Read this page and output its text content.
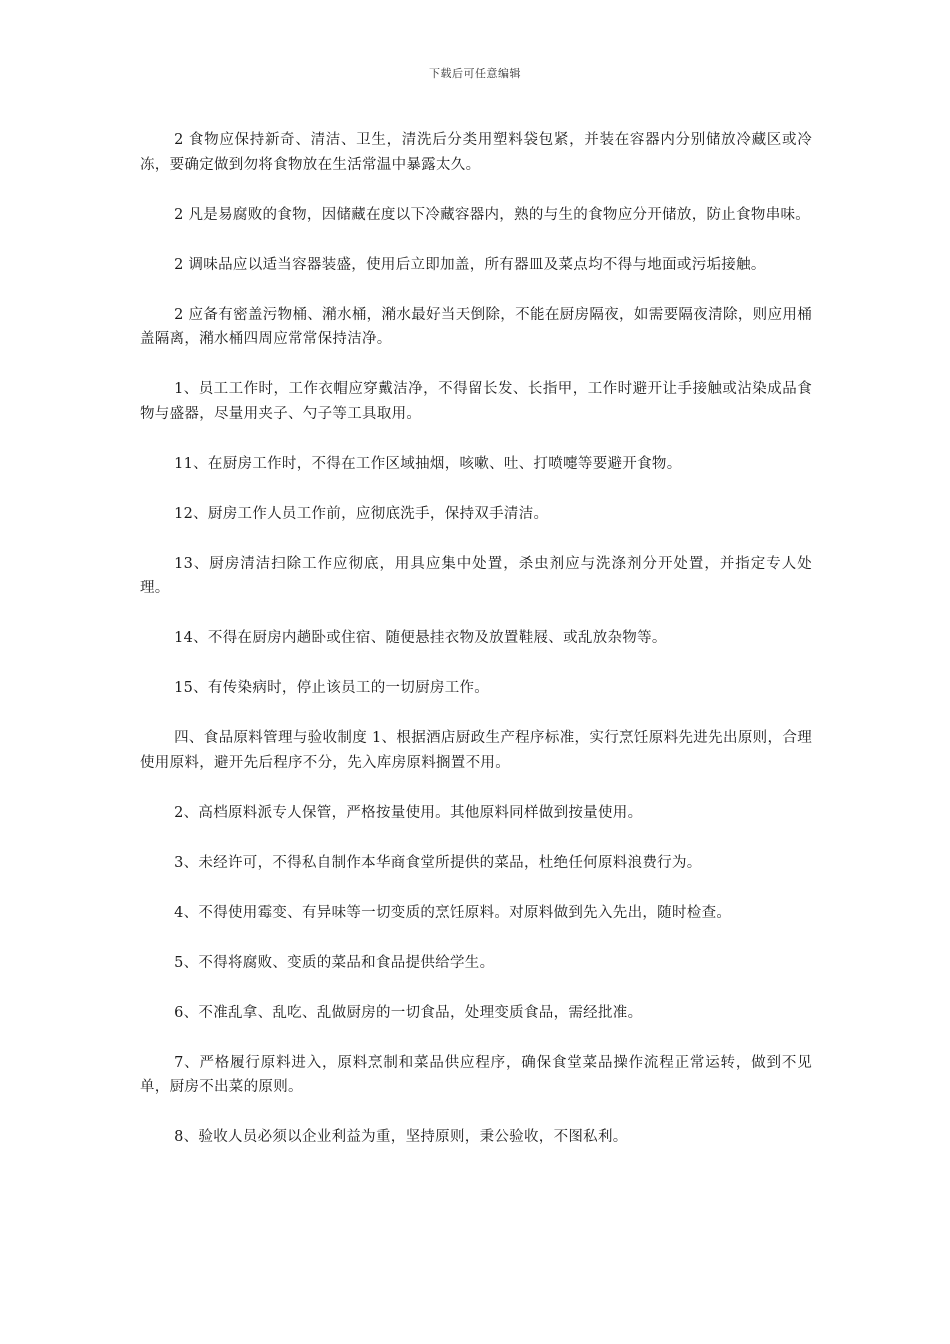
下载后可任意编辑

2 食物应保持新奇、清洁、卫生，清洗后分类用塑料袋包紧，并装在容器内分别储放冷藏区或冷冻，要确定做到勿将食物放在生活常温中暴露太久。

2 凡是易腐败的食物，因储藏在度以下冷藏容器内，熟的与生的食物应分开储放，防止食物串味。

2 调味品应以适当容器装盛，使用后立即加盖，所有器皿及菜点均不得与地面或污垢接触。

2 应备有密盖污物桶、潲水桶，潲水最好当天倒除，不能在厨房隔夜，如需要隔夜清除，则应用桶盖隔离，潲水桶四周应常常保持洁净。

1、员工工作时，工作衣帽应穿戴洁净，不得留长发、长指甲，工作时避开让手接触或沾染成品食物与盛器，尽量用夹子、勺子等工具取用。

11、在厨房工作时，不得在工作区域抽烟，咳嗽、吐、打喷嚏等要避开食物。

12、厨房工作人员工作前，应彻底洗手，保持双手清洁。

13、厨房清洁扫除工作应彻底，用具应集中处置，杀虫剂应与洗涤剂分开处置，并指定专人处理。

14、不得在厨房内趟卧或住宿、随便悬挂衣物及放置鞋屐、或乱放杂物等。

15、有传染病时，停止该员工的一切厨房工作。

四、食品原料管理与验收制度 1、根据酒店厨政生产程序标准，实行烹饪原料先进先出原则，合理使用原料，避开先后程序不分，先入库房原料搁置不用。

2、高档原料派专人保管，严格按量使用。其他原料同样做到按量使用。

3、未经许可，不得私自制作本华商食堂所提供的菜品，杜绝任何原料浪费行为。

4、不得使用霉变、有异味等一切变质的烹饪原料。对原料做到先入先出，随时检查。

5、不得将腐败、变质的菜品和食品提供给学生。

6、不准乱拿、乱吃、乱做厨房的一切食品，处理变质食品，需经批准。

7、严格履行原料进入，原料烹制和菜品供应程序，确保食堂菜品操作流程正常运转，做到不见单，厨房不出菜的原则。

8、验收人员必须以企业利益为重，坚持原则，秉公验收，不图私利。
